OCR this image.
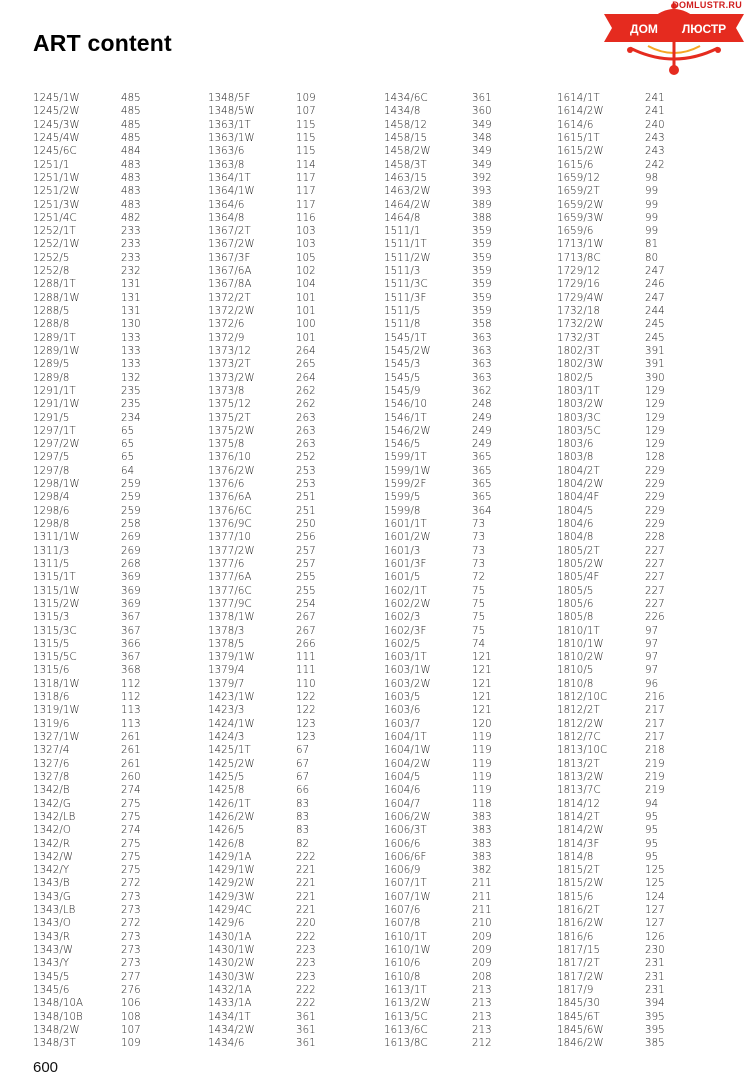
ART content
ДОМ ЛЮСТР
DOMLUSTR.RU
1245/1W	485
1245/2W	485
1245/3W	485
1245/4W	485
1245/6C	484
1251/1	483
1251/1W	483
1251/2W	483
1251/3W	483
1251/4C	482
1252/1T	233
1252/1W	233
1252/5	233
1252/8	232
1288/1T	131
1288/1W	131
1288/5	131
1288/8	130
1289/1T	133
1289/1W	133
1289/5	133
1289/8	132
1291/1T	235
1291/1W	235
1291/5	234
1297/1T	65
1297/2W	65
1297/5	65
1297/8	64
1298/1W	259
1298/4	259
1298/6	259
1298/8	258
1311/1W	269
1311/3	269
1311/5	268
1315/1T	369
1315/1W	369
1315/2W	369
1315/3	367
1315/3C	367
1315/5	366
1315/5C	367
1315/6	368
1318/1W	112
1318/6	112
1319/1W	113
1319/6	113
1327/1W	261
1327/4	261
1327/6	261
1327/8	260
1342/B	274
1342/G	275
1342/LB	275
1342/O	274
1342/R	275
1342/W	275
1342/Y	275
1343/B	272
1343/G	273
1343/LB	273
1343/O	272
1343/R	273
1343/W	273
1343/Y	273
1345/5	277
1345/6	276
1348/10A	106
1348/10B	108
1348/2W	107
1348/3T	109
1348/5F	109
1348/5W	107
1363/1T	115
1363/1W	115
1363/6	115
1363/8	114
1364/1T	117
1364/1W	117
1364/6	117
1364/8	116
1367/2T	103
1367/2W	103
1367/3F	105
1367/6A	102
1367/8A	104
1372/2T	101
1372/2W	101
1372/6	100
1372/9	101
1373/12	264
1373/2T	265
1373/2W	264
1373/8	262
1375/12	262
1375/2T	263
1375/2W	263
1375/8	263
1376/10	252
1376/2W	253
1376/6	253
1376/6A	251
1376/6C	251
1376/9C	250
1377/10	256
1377/2W	257
1377/6	257
1377/6A	255
1377/6C	255
1377/9C	254
1378/1W	267
1378/3	267
1378/5	266
1379/1W	111
1379/4	111
1379/7	110
1423/1W	122
1423/3	122
1424/1W	123
1424/3	123
1425/1T	67
1425/2W	67
1425/5	67
1425/8	66
1426/1T	83
1426/2W	83
1426/5	83
1426/8	82
1429/1A	222
1429/1W	221
1429/2W	221
1429/3W	221
1429/4C	221
1429/6	220
1430/1A	222
1430/1W	223
1430/2W	223
1430/3W	223
1432/1A	222
1433/1A	222
1434/1T	361
1434/2W	361
1434/6	361
1434/6C	361
1434/8	360
1458/12	349
1458/15	348
1458/2W	349
1458/3T	349
1463/15	392
1463/2W	393
1464/2W	389
1464/8	388
1511/1	359
1511/1T	359
1511/2W	359
1511/3	359
1511/3C	359
1511/3F	359
1511/5	359
1511/8	358
1545/1T	363
1545/2W	363
1545/3	363
1545/5	363
1545/9	362
1546/10	248
1546/1T	249
1546/2W	249
1546/5	249
1599/1T	365
1599/1W	365
1599/2F	365
1599/5	365
1599/8	364
1601/1T	73
1601/2W	73
1601/3	73
1601/3F	73
1601/5	72
1602/1T	75
1602/2W	75
1602/3	75
1602/3F	75
1602/5	74
1603/1T	121
1603/1W	121
1603/2W	121
1603/5	121
1603/6	121
1603/7	120
1604/1T	119
1604/1W	119
1604/2W	119
1604/5	119
1604/6	119
1604/7	118
1606/2W	383
1606/3T	383
1606/6	383
1606/6F	383
1606/9	382
1607/1T	211
1607/1W	211
1607/6	211
1607/8	210
1610/1T	209
1610/1W	209
1610/6	209
1610/8	208
1613/1T	213
1613/2W	213
1613/5C	213
1613/6C	213
1613/8C	212
1614/1T	241
1614/2W	241
1614/6	240
1615/1T	243
1615/2W	243
1615/6	242
1659/12	98
1659/2T	99
1659/2W	99
1659/3W	99
1659/6	99
1713/1W	81
1713/8C	80
1729/12	247
1729/16	246
1729/4W	247
1732/18	244
1732/2W	245
1732/3T	245
1802/3T	391
1802/3W	391
1802/5	390
1803/1T	129
1803/2W	129
1803/3C	129
1803/5C	129
1803/6	129
1803/8	128
1804/2T	229
1804/2W	229
1804/4F	229
1804/5	229
1804/6	229
1804/8	228
1805/2T	227
1805/2W	227
1805/4F	227
1805/5	227
1805/6	227
1805/8	226
1810/1T	97
1810/1W	97
1810/2W	97
1810/5	97
1810/8	96
1812/10C	216
1812/2T	217
1812/2W	217
1812/7C	217
1813/10C	218
1813/2T	219
1813/2W	219
1813/7C	219
1814/12	94
1814/2T	95
1814/2W	95
1814/3F	95
1814/8	95
1815/2T	125
1815/2W	125
1815/6	124
1816/2T	127
1816/2W	127
1816/6	126
1817/15	230
1817/2T	231
1817/2W	231
1817/9	231
1845/30	394
1845/6T	395
1845/6W	395
1846/2W	385
600
